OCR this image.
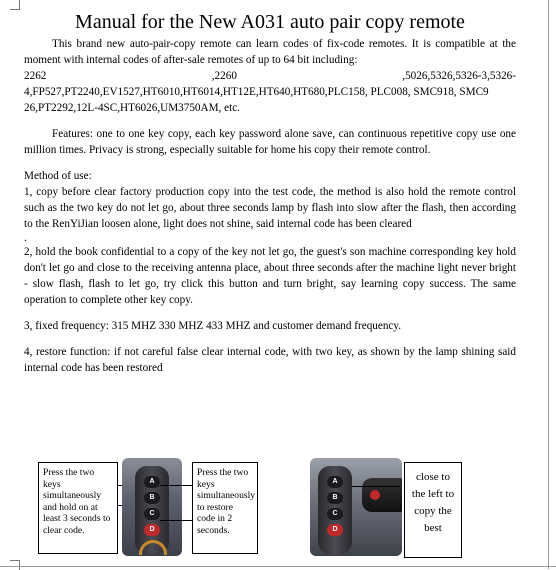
Manual for the New A031 auto pair copy remote

This brand new auto-pair-copy remote can learn codes of fix-code remotes. It is compatible at the moment with internal codes of after-sale remotes of up to 64 bit including:

2262	,2260	,5026,5326,5326-3,5326-

4,FP527,PT2240,EV1527,HT6010,HT6014,HT12E,HT640,HT680,PLC158, PLC008, SMC918, SMC9

26,PT2292,12L-4SC,HT6026,UM3750AM, etc.

Features: one to one key copy, each key password alone save, can continuous repetitive copy use one million times. Privacy is strong, especially suitable for home his copy their remote control.

Method of use:

1, copy before clear factory production copy into the test code, the method is also hold the remote control such as the two key do not let go, about three seconds lamp by flash into slow after the flash, then according to the RenYiJian loosen alone, light does not shine, said internal code has been cleared

.

2, hold the book confidential to a copy of the key not let go, the guest's son machine corresponding key hold don't let go and close to the receiving antenna place, about three seconds after the machine light never bright - slow flash, flash to let go, try click this button and turn bright, say learning copy success. The same operation to complete other key copy.

3, fixed frequency: 315 MHZ 330 MHZ 433 MHZ and customer demand frequency.

4, restore function: if not careful false clear internal code, with two key, as shown by the lamp shining said internal code has been restored

Press the two keys simultaneously and hold on at least 3 seconds to clear code.
A
B
C
D
Press the two keys simultaneously to restore code in 2 seconds.
A
B
C
D
close to the left to copy the best
